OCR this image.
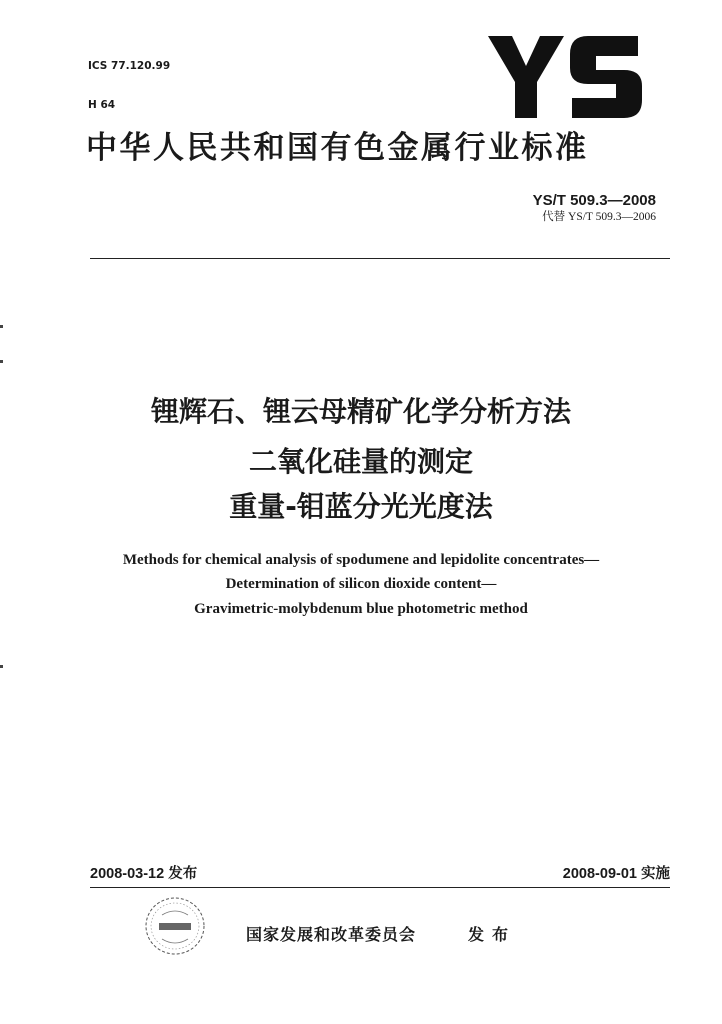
ICS 77.120.99

H 64

中华人民共和国有色金属行业标准
YS/T 509.3—2008
代替 YS/T 509.3—2006
锂辉石、锂云母精矿化学分析方法
二氧化硅量的测定
重量-钼蓝分光光度法
Methods for chemical analysis of spodumene and lepidolite concentrates—
Determination of silicon dioxide content—
Gravimetric-molybdenum blue photometric method
2008-03-12 发布	2008-09-01 实施
国家发展和改革委员会	发布
